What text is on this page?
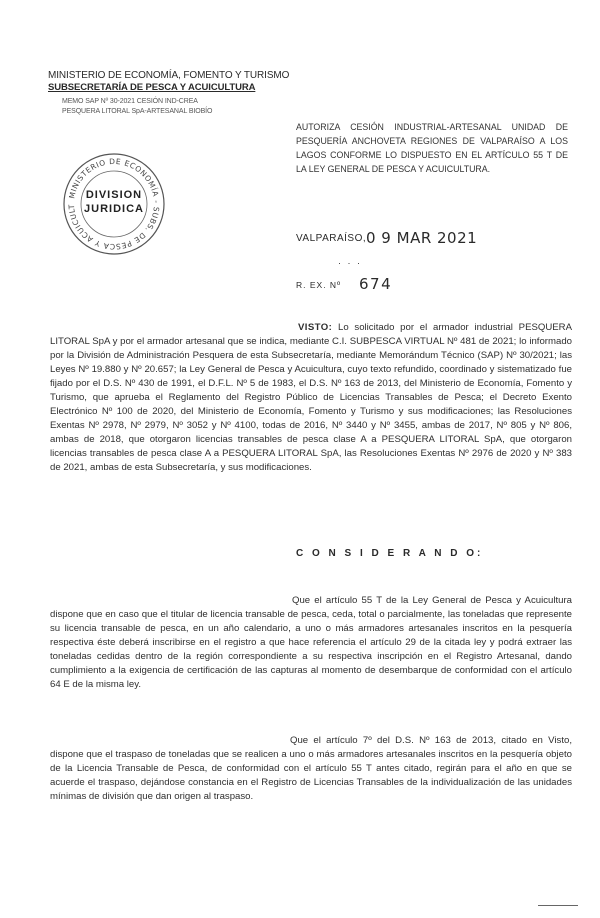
MINISTERIO DE ECONOMÍA, FOMENTO Y TURISMO
SUBSECRETARÍA DE PESCA Y ACUICULTURA
MEMO SAP Nº 30-2021 CESIÓN IND-CREA
PESQUERA LITORAL SpA-ARTESANAL BIOBÍO
AUTORIZA CESIÓN INDUSTRIAL-ARTESANAL UNIDAD DE PESQUERÍA ANCHOVETA REGIONES DE VALPARAÍSO A LOS LAGOS CONFORME LO DISPUESTO EN EL ARTÍCULO 55 T DE LA LEY GENERAL DE PESCA Y ACUICULTURA.
MINISTERIO DE ECONOMÍA - SUBS. DE PESCA Y ACUICULT
DIVISION
JURIDICA
VALPARAÍSO, 0 9 MAR 2021
· · ·
R. EX. Nº 674
VISTO: Lo solicitado por el armador industrial PESQUERA LITORAL SpA y por el armador artesanal que se indica, mediante C.I. SUBPESCA VIRTUAL Nº 481 de 2021; lo informado por la División de Administración Pesquera de esta Subsecretaría, mediante Memorándum Técnico (SAP) Nº 30/2021; las Leyes Nº 19.880 y Nº 20.657; la Ley General de Pesca y Acuicultura, cuyo texto refundido, coordinado y sistematizado fue fijado por el D.S. Nº 430 de 1991, el D.F.L. Nº 5 de 1983, el D.S. Nº 163 de 2013, del Ministerio de Economía, Fomento y Turismo, que aprueba el Reglamento del Registro Público de Licencias Transables de Pesca; el Decreto Exento Electrónico Nº 100 de 2020, del Ministerio de Economía, Fomento y Turismo y sus modificaciones; las Resoluciones Exentas Nº 2978, Nº 2979, Nº 3052 y Nº 4100, todas de 2016, Nº 3440 y Nº 3455, ambas de 2017, Nº 805 y Nº 806, ambas de 2018, que otorgaron licencias transables de pesca clase A a PESQUERA LITORAL SpA, que otorgaron licencias transables de pesca clase A a PESQUERA LITORAL SpA, las Resoluciones Exentas Nº 2976 de 2020 y Nº 383 de 2021, ambas de esta Subsecretaría, y sus modificaciones.
C O N S I D E R A N D O:
Que el artículo 55 T de la Ley General de Pesca y Acuicultura dispone que en caso que el titular de licencia transable de pesca, ceda, total o parcialmente, las toneladas que represente su licencia transable de pesca, en un año calendario, a uno o más armadores artesanales inscritos en la pesquería respectiva éste deberá inscribirse en el registro a que hace referencia el artículo 29 de la citada ley y podrá extraer las toneladas cedidas dentro de la región correspondiente a su respectiva inscripción en el Registro Artesanal, dando cumplimiento a la exigencia de certificación de las capturas al momento de desembarque de conformidad con el artículo 64 E de la misma ley.
Que el artículo 7º del D.S. Nº 163 de 2013, citado en Visto, dispone que el traspaso de toneladas que se realicen a uno o más armadores artesanales inscritos en la pesquería objeto de la Licencia Transable de Pesca, de conformidad con el artículo 55 T antes citado, regirán para el año en que se acuerde el traspaso, dejándose constancia en el Registro de Licencias Transables de la individualización de las unidades mínimas de división que dan origen al traspaso.
